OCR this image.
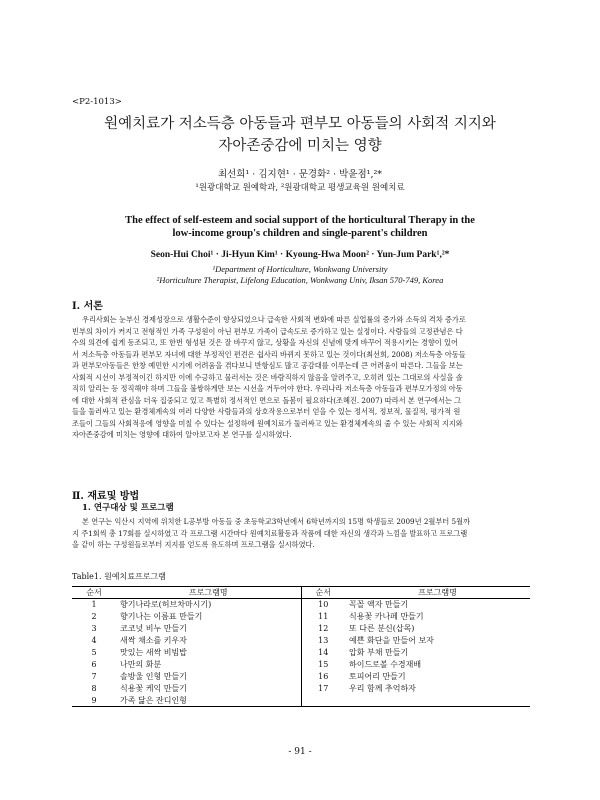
<P2-1013>
원예치료가 저소득층 아동들과 편부모 아동들의 사회적 지지와
자아존중감에 미치는 영향
최선희¹ · 김지현¹ · 문경화² · 박윤점¹,²*
¹원광대학교 원예학과, ²원광대학교 평생교육원 원예치료
The effect of self-esteem and social support of the horticultural Therapy in the
low-income group's children and single-parent's children
Seon-Hui Choi¹ · Ji-Hyun Kim¹ · Kyoung-Hwa Moon² · Yun-Jum Park¹,²*
¹Department of Horticulture, Wonkwang University
²Horticulture Therapist, Lifelong Education, Wonkwang Univ, Iksan 570-749, Korea
Ⅰ. 서론
우리사회는 눈부신 경제성장으로 생활수준이 향상되었으나 급속한 사회적 변화에 따른 실업률의 증가와 소득의 격차 증가로
빈부의 차이가 커지고 전형적인 가족 구성원이 아닌 편부모 가족이 급속도로 증가하고 있는 실정이다. 사람들의 고정관념은 다
수의 의견에 쉽게 동조되고, 또 한번 형성된 것은 잘 바꾸지 않고, 상황을 자신의 신념에 맞게 바꾸어 적용시키는 경향이 있어
서 저소득층 아동들과 편부모 자녀에 대한 부정적인 편견은 쉽사리 바뀌지 못하고 있는 것이다(최선희, 2008) 저소득층 아동들
과 편부모아동들은 한창 예민한 시기에 어려움을 겪다보니 반항심도 많고 공감대를 이루는데 큰 어려움이 따른다. 그들을 보는
사회적 시선이 부정적이긴 하지만 이에 수긍하고 물러서는 것은 바람직하지 않음을 알려주고, 오히려 있는 그대로의 사실을 솔
직히 알리는 등 정직해야 하며 그들을 불쌍하게만 보는 시선을 거두어야 한다. 우리나라 저소득층 아동들과 편부모가정의 아동
에 대한 사회적 관심을 더욱 집중되고 있고 특별히 정서적인 면으로 돌봄이 필요하다(조혜진. 2007) 따라서 본 연구에서는 그
들을 둘러싸고 있는 환경체계속의 여러 다양한 사람들과의 상호작용으로부터 얻을 수 있는 정서적, 정보적, 물질적, 평가적 원
조들이 그들의 사회적응에 영향을 미칠 수 있다는 설정하에 원예치료가 둘러싸고 있는 환경체계속의 줄 수 있는 사회적 지지와
자아존중감에 미치는 영향에 대하여 알아보고자 본 연구를 실시하였다.
Ⅱ. 재료및 방법
1. 연구대상 및 프로그램
본 연구는 익산시 지역에 위치한 L공부방 아동들 중 초등학교3학년에서 6학년까지의 15명 학생들로 2009년 2월부터 5월까
지 주1회씩 총 17회를 실시하였고 각 프로그램 시간마다 원예치료활동과 작품에 대한 자신의 생각과 느낌을 발표하고 프로그램
을 같이 하는 구성원들로부터 지지를 얻도록 유도하며 프로그램을 실시하였다.
Table1. 원예치료프로그램
순서	프로그램명	순서	프로그램명
1	향기나라로(허브차마시기)	10	꼭꼴 액자 만들기
2	향기나는 이름표 만들기	11	식용꽃 카나페 만들기
3	코코넛 비누 만들기	12	또 다른 분신(삽목)
4	새싹 채소를 키우자	13	예쁜 화단을 만들어 보자
5	맛있는 새싹 비빔밥	14	압화 부채 만들기
6	나만의 화분	15	하이드로볼 수경재배
7	솔방울 인형 만들기	16	토피어리 만들기
8	식용꽃 케익 만들기	17	우리 함께 추억하자
9	가족 닮은 잔디인형		
- 91 -
